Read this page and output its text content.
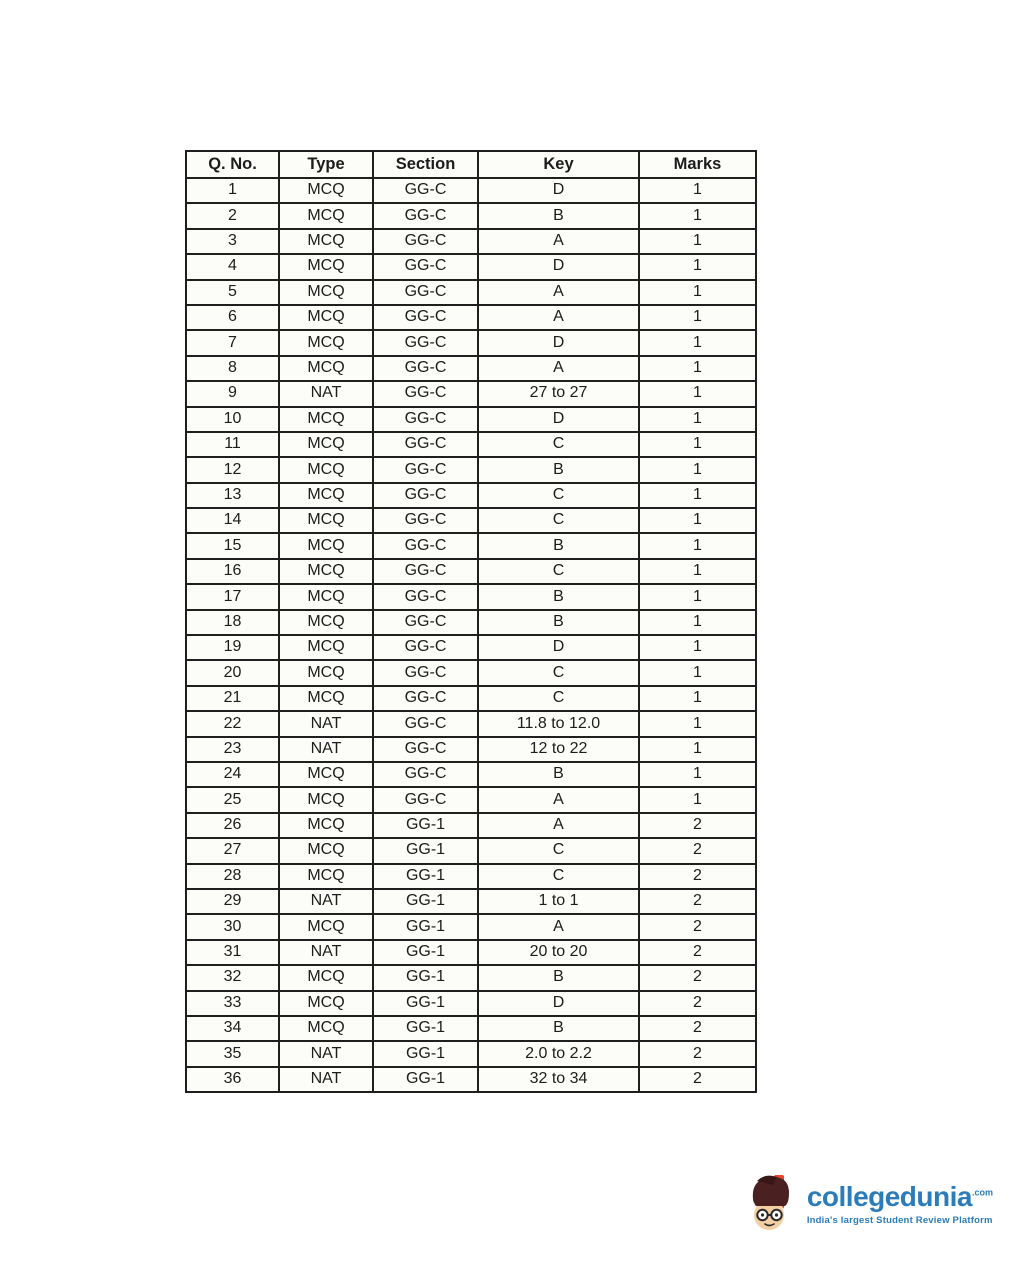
Q. No.	Type	Section	Key	Marks
1	MCQ	GG-C	D	1
2	MCQ	GG-C	B	1
3	MCQ	GG-C	A	1
4	MCQ	GG-C	D	1
5	MCQ	GG-C	A	1
6	MCQ	GG-C	A	1
7	MCQ	GG-C	D	1
8	MCQ	GG-C	A	1
9	NAT	GG-C	27 to 27	1
10	MCQ	GG-C	D	1
11	MCQ	GG-C	C	1
12	MCQ	GG-C	B	1
13	MCQ	GG-C	C	1
14	MCQ	GG-C	C	1
15	MCQ	GG-C	B	1
16	MCQ	GG-C	C	1
17	MCQ	GG-C	B	1
18	MCQ	GG-C	B	1
19	MCQ	GG-C	D	1
20	MCQ	GG-C	C	1
21	MCQ	GG-C	C	1
22	NAT	GG-C	11.8 to 12.0	1
23	NAT	GG-C	12 to 22	1
24	MCQ	GG-C	B	1
25	MCQ	GG-C	A	1
26	MCQ	GG-1	A	2
27	MCQ	GG-1	C	2
28	MCQ	GG-1	C	2
29	NAT	GG-1	1 to 1	2
30	MCQ	GG-1	A	2
31	NAT	GG-1	20 to 20	2
32	MCQ	GG-1	B	2
33	MCQ	GG-1	D	2
34	MCQ	GG-1	B	2
35	NAT	GG-1	2.0 to 2.2	2
36	NAT	GG-1	32 to 34	2
collegedunia$^{.com}$
India's largest Student Review Platform
